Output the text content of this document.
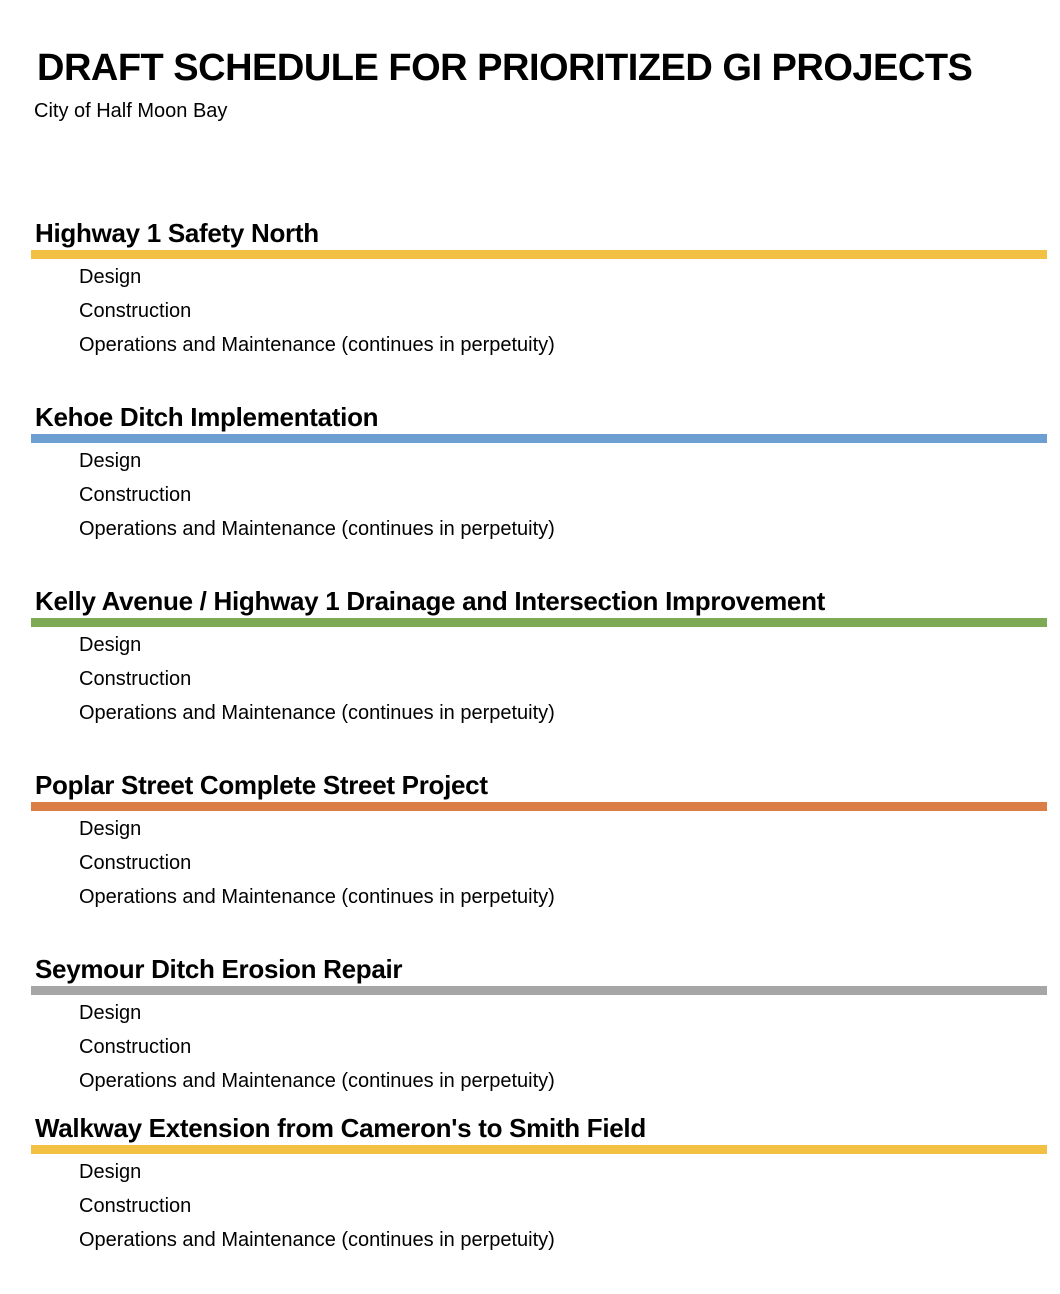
DRAFT SCHEDULE FOR PRIORITIZED GI PROJECTS
City of Half Moon Bay
Highway 1 Safety North
Design
Construction
Operations and Maintenance (continues in perpetuity)
Kehoe Ditch Implementation
Design
Construction
Operations and Maintenance (continues in perpetuity)
Kelly Avenue / Highway 1 Drainage and Intersection Improvement
Design
Construction
Operations and Maintenance (continues in perpetuity)
Poplar Street Complete Street Project
Design
Construction
Operations and Maintenance (continues in perpetuity)
Seymour Ditch Erosion Repair
Design
Construction
Operations and Maintenance (continues in perpetuity)
Walkway Extension from Cameron's to Smith Field
Design
Construction
Operations and Maintenance (continues in perpetuity)
